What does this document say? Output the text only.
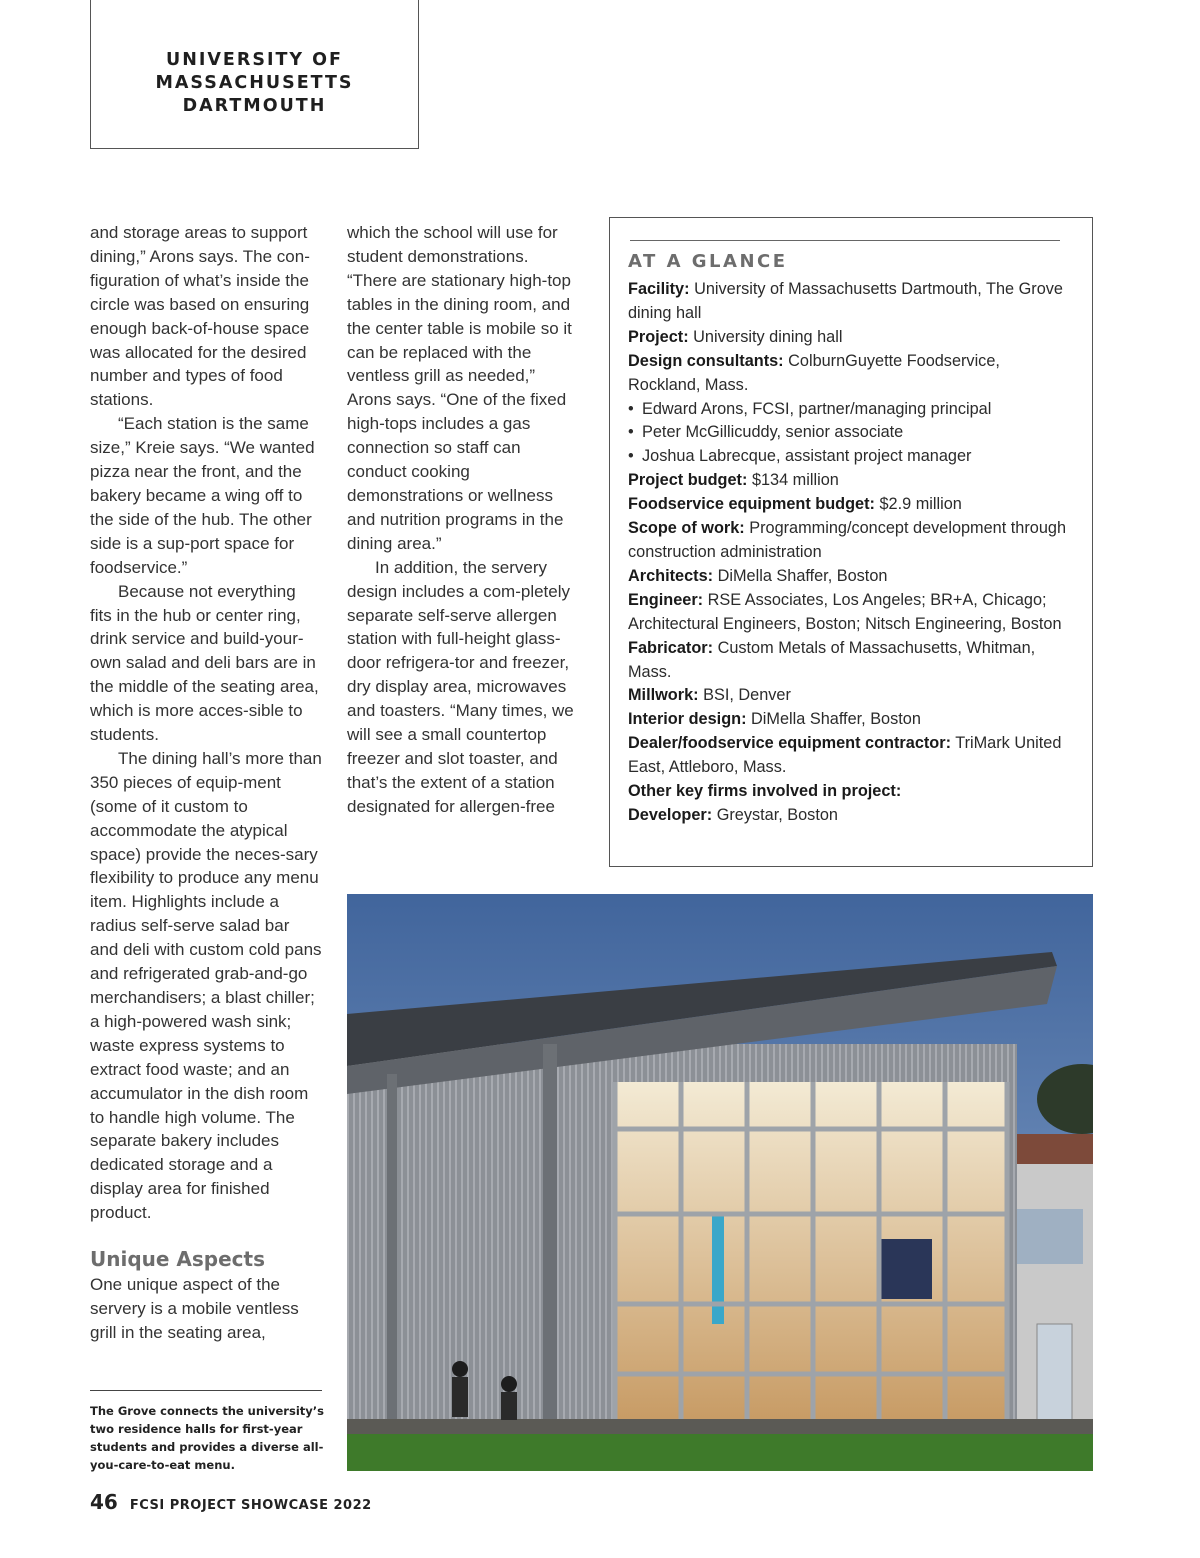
UNIVERSITY OF
MASSACHUSETTS
DARTMOUTH

and storage areas to support dining,” Arons says. The con-figuration of what’s inside the circle was based on ensuring enough back-of-house space was allocated for the desired number and types of food stations.

“Each station is the same size,” Kreie says. “We wanted pizza near the front, and the bakery became a wing off to the side of the hub. The other side is a sup-port space for foodservice.”

Because not everything fits in the hub or center ring, drink service and build-your-own salad and deli bars are in the middle of the seating area, which is more acces-sible to students.

The dining hall’s more than 350 pieces of equip-ment (some of it custom to accommodate the atypical space) provide the neces-sary flexibility to produce any menu item. Highlights include a radius self-serve salad bar and deli with custom cold pans and refrigerated grab-and-go merchandisers; a blast chiller; a high-powered wash sink; waste express systems to extract food waste; and an accumulator in the dish room to handle high volume. The separate bakery includes dedicated storage and a display area for finished product.

Unique Aspects

One unique aspect of the servery is a mobile ventless grill in the seating area,

which the school will use for student demonstrations. “There are stationary high-top tables in the dining room, and the center table is mobile so it can be replaced with the ventless grill as needed,” Arons says. “One of the fixed high-tops includes a gas connection so staff can conduct cooking demonstrations or wellness and nutrition programs in the dining area.”

In addition, the servery design includes a com-pletely separate self-serve allergen station with full-height glass-door refrigera-tor and freezer, dry display area, microwaves and toasters. “Many times, we will see a small countertop freezer and slot toaster, and that’s the extent of a station designated for allergen-free

The Grove connects the university’s two residence halls for first-year students and provides a diverse all-you-care-to-eat menu.
AT A GLANCE

Facility: University of Massachusetts Dartmouth, The Grove dining hall

Project: University dining hall

Design consultants: ColburnGuyette Foodservice, Rockland, Mass.

• Edward Arons, FCSI, partner/managing principal

• Peter McGillicuddy, senior associate

• Joshua Labrecque, assistant project manager

Project budget: $134 million

Foodservice equipment budget: $2.9 million

Scope of work: Programming/concept development through construction administration

Architects: DiMella Shaffer, Boston

Engineer: RSE Associates, Los Angeles; BR+A, Chicago; Architectural Engineers, Boston; Nitsch Engineering, Boston

Fabricator: Custom Metals of Massachusetts, Whitman, Mass.

Millwork: BSI, Denver

Interior design: DiMella Shaffer, Boston

Dealer/foodservice equipment contractor: TriMark United East, Attleboro, Mass.

Other key firms involved in project:

Developer: Greystar, Boston

46 FCSI PROJECT SHOWCASE 2022
